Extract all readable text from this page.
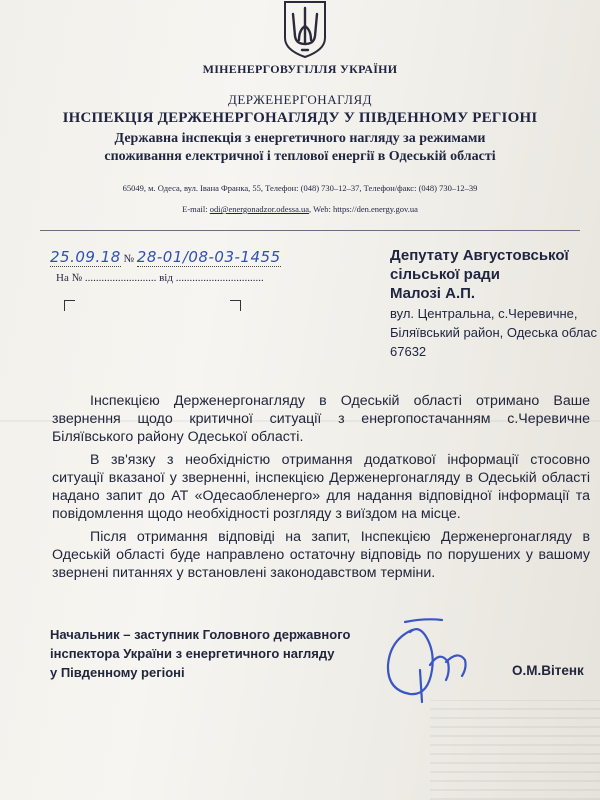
МІНЕНЕРГОВУГІЛЛЯ УКРАЇНИ
ДЕРЖЕНЕРГОНАГЛЯД
ІНСПЕКЦІЯ ДЕРЖЕНЕРГОНАГЛЯДУ У ПІВДЕННОМУ РЕГІОНІ
Державна інспекція з енергетичного нагляду за режимами
споживання електричної і теплової енергії в Одеській області
65049, м. Одеса, вул. Івана Франка, 55, Телефон: (048) 730–12–37, Телефон/факс: (048) 730–12–39
E-mail: odi@energonadzor.odessa.ua, Web: https://den.energy.gov.ua
25.09.18 № 28-01/08-03-1455
На № .......................... від ................................
Депутату Августовської
сільської ради
Малозі А.П.
вул. Центральна, с.Черевичне,
Біляївський район, Одеська облас
67632

Інспекцією Держенергонагляду в Одеській області отримано Ваше звернення щодо критичної ситуації з енергопостачанням с.Черевичне Біляївського району Одеської області.

В зв'язку з необхідністю отримання додаткової інформації стосовно ситуації вказаної у зверненні, інспекцією Держенергонагляду в Одеській області надано запит до АТ «Одесаобленерго» для надання відповідної інформації та повідомлення щодо необхідності розгляду з виїздом на місце.

Після отримання відповіді на запит, Інспекцією Держенергонагляду в Одеській області буде направлено остаточну відповідь по порушених у вашому звернені питаннях у встановлені законодавством терміни.

Начальник – заступник Головного державного
інспектора України з енергетичного нагляду
у Південному регіоні	О.М.Вітенк
